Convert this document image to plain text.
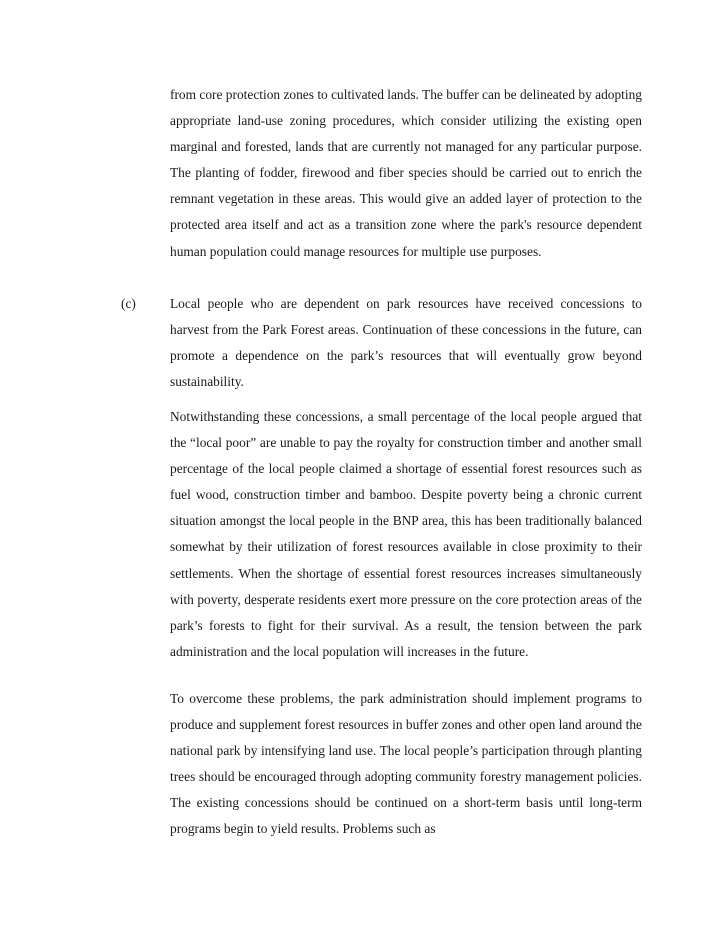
from core protection zones to cultivated lands. The buffer can be delineated by adopting appropriate land-use zoning procedures, which consider utilizing the existing open marginal and forested, lands that are currently not managed for any particular purpose. The planting of fodder, firewood and fiber species should be carried out to enrich the remnant vegetation in these areas. This would give an added layer of protection to the protected area itself and act as a transition zone where the park's resource dependent human population could manage resources for multiple use purposes.

(c)	Local people who are dependent on park resources have received concessions to harvest from the Park Forest areas. Continuation of these concessions in the future, can promote a dependence on the park’s resources that will eventually grow beyond sustainability.

Notwithstanding these concessions, a small percentage of the local people argued that the “local poor” are unable to pay the royalty for construction timber and another small percentage of the local people claimed a shortage of essential forest resources such as fuel wood, construction timber and bamboo. Despite poverty being a chronic current situation amongst the local people in the BNP area, this has been traditionally balanced somewhat by their utilization of forest resources available in close proximity to their settlements. When the shortage of essential forest resources increases simultaneously with poverty, desperate residents exert more pressure on the core protection areas of the park’s forests to fight for their survival. As a result, the tension between the park administration and the local population will increases in the future.

To overcome these problems, the park administration should implement programs to produce and supplement forest resources in buffer zones and other open land around the national park by intensifying land use. The local people’s participation through planting trees should be encouraged through adopting community forestry management policies. The existing concessions should be continued on a short-term basis until long-term programs begin to yield results. Problems such as
